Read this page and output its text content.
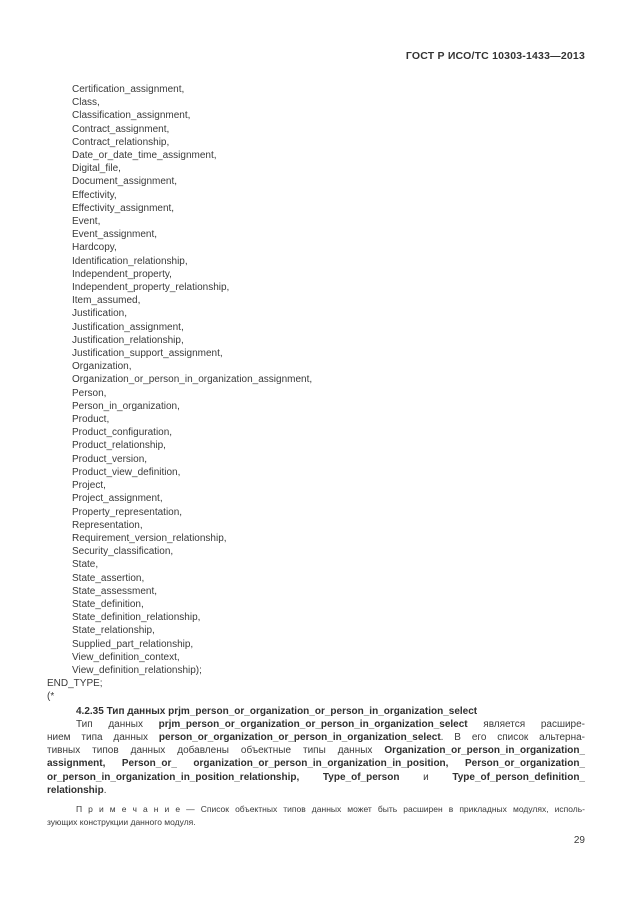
ГОСТ Р ИСО/ТС 10303-1433—2013
Certification_assignment,
Class,
Classification_assignment,
Contract_assignment,
Contract_relationship,
Date_or_date_time_assignment,
Digital_file,
Document_assignment,
Effectivity,
Effectivity_assignment,
Event,
Event_assignment,
Hardcopy,
Identification_relationship,
Independent_property,
Independent_property_relationship,
Item_assumed,
Justification,
Justification_assignment,
Justification_relationship,
Justification_support_assignment,
Organization,
Organization_or_person_in_organization_assignment,
Person,
Person_in_organization,
Product,
Product_configuration,
Product_relationship,
Product_version,
Product_view_definition,
Project,
Project_assignment,
Property_representation,
Representation,
Requirement_version_relationship,
Security_classification,
State,
State_assertion,
State_assessment,
State_definition,
State_definition_relationship,
State_relationship,
Supplied_part_relationship,
View_definition_context,
View_definition_relationship);
END_TYPE;
(*
4.2.35 Тип данных prjm_person_or_organization_or_person_in_organization_select
Тип данных prjm_person_or_organization_or_person_in_organization_select является расшире-
нием типа данных person_or_organization_or_person_in_organization_select. В его список альтерна-
тивных типов данных добавлены объектные типы данных Organization_or_person_in_organization_
assignment, Person_or_ organization_or_person_in_organization_in_position, Person_or_organization_
or_person_in_organization_in_position_relationship, Type_of_person и Type_of_person_definition_
relationship.
П р и м е ч а н и е — Список объектных типов данных может быть расширен в прикладных модулях, исполь-
зующих конструкции данного модуля.
29
